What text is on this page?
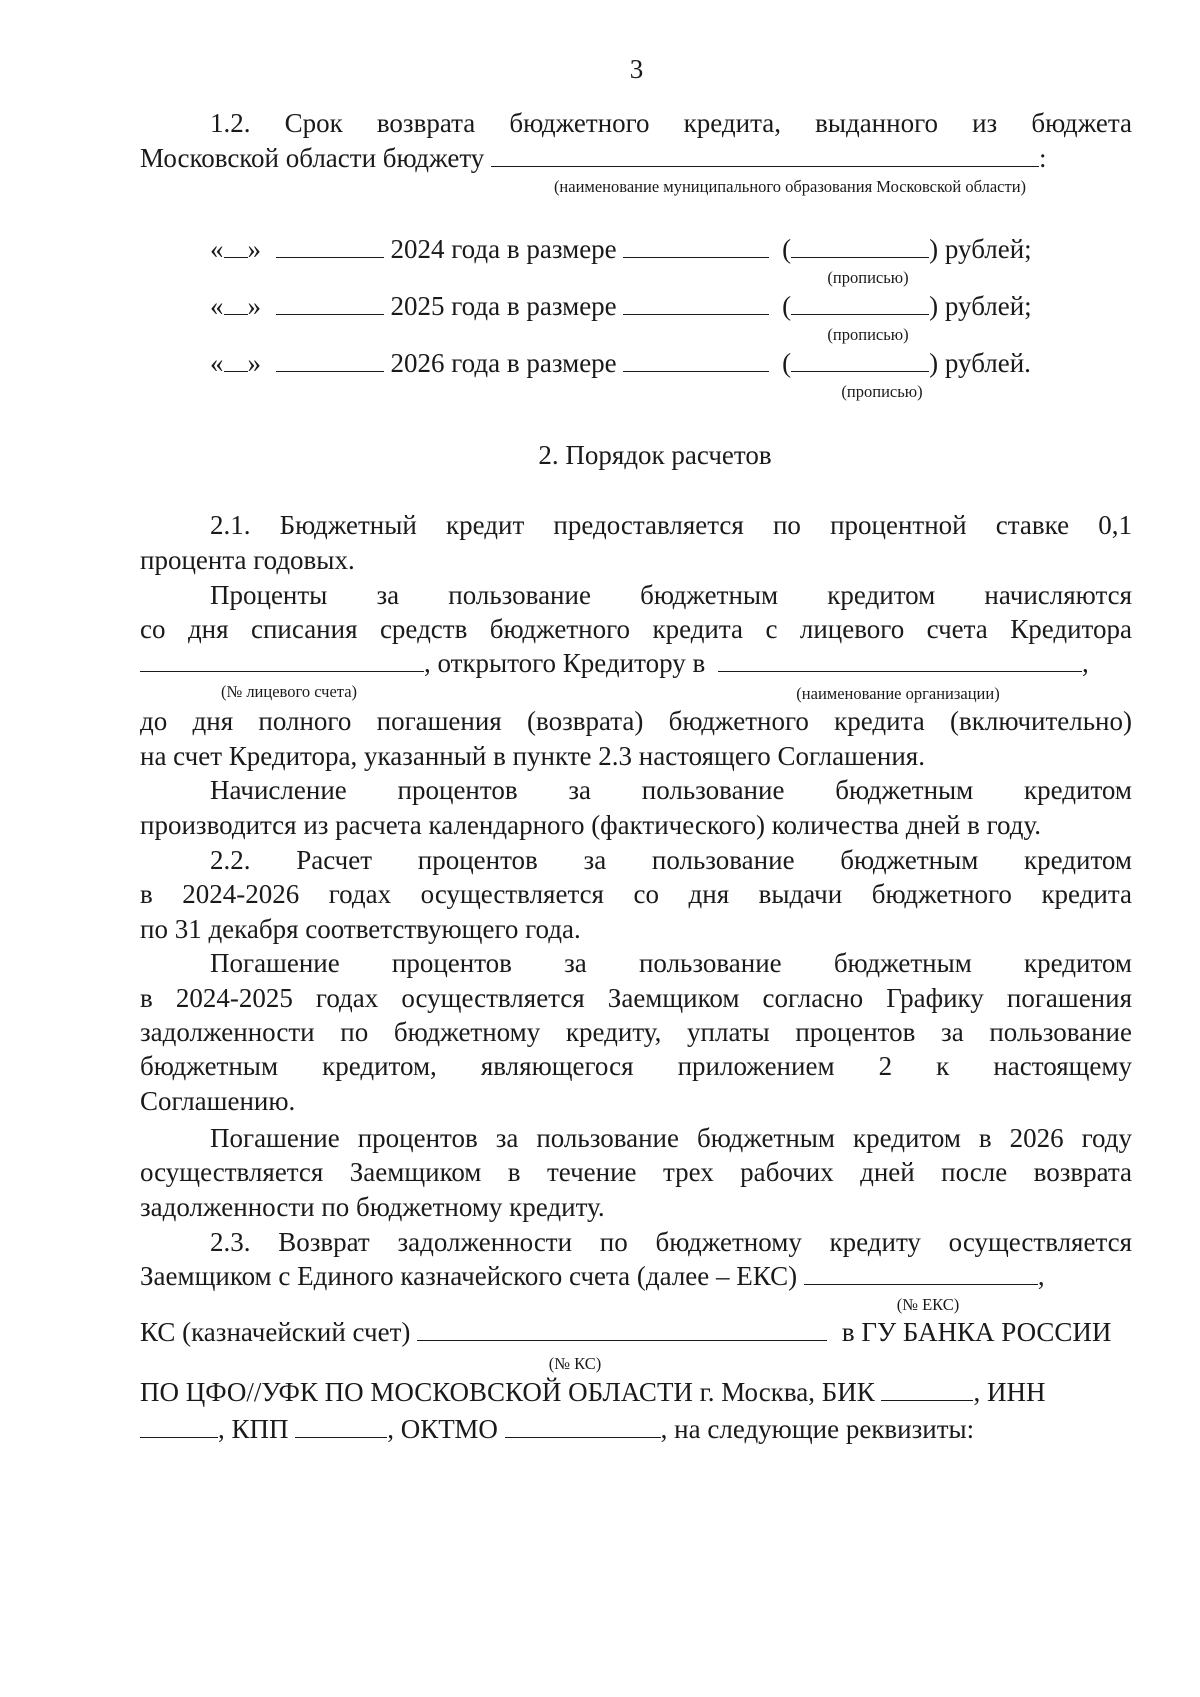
3
1.2. Срок возврата бюджетного кредита, выданного из бюджета
Московской области бюджету	:
(наименование муниципального образования Московской области)
« »	2024 года в размере	(	) рублей;
(прописью)
« »	2025 года в размере	(	) рублей;
(прописью)
« »	2026 года в размере	(	) рублей.
(прописью)
2. Порядок расчетов
2.1. Бюджетный кредит предоставляется по процентной ставке 0,1
процента годовых.
Проценты за пользование бюджетным кредитом начисляются
со дня списания средств бюджетного кредита с лицевого счета Кредитора
, открытого Кредитору в	,
(№ лицевого счета)	(наименование организации)
до дня полного погашения (возврата) бюджетного кредита (включительно)
на счет Кредитора, указанный в пункте 2.3 настоящего Соглашения.
Начисление процентов за пользование бюджетным кредитом
производится из расчета календарного (фактического) количества дней в году.
2.2. Расчет процентов за пользование бюджетным кредитом
в 2024-2026 годах осуществляется со дня выдачи бюджетного кредита
по 31 декабря соответствующего года.
Погашение процентов за пользование бюджетным кредитом
в 2024-2025 годах осуществляется Заемщиком согласно Графику погашения
задолженности по бюджетному кредиту, уплаты процентов за пользование
бюджетным кредитом, являющегося приложением 2 к настоящему
Соглашению.
Погашение процентов за пользование бюджетным кредитом в 2026 году
осуществляется Заемщиком в течение трех рабочих дней после возврата
задолженности по бюджетному кредиту.
2.3. Возврат задолженности по бюджетному кредиту осуществляется
Заемщиком с Единого казначейского счета (далее – ЕКС)	,
(№ ЕКС)
КС (казначейский счет)	в ГУ БАНКА РОССИИ
(№ КС)
ПО ЦФО//УФК ПО МОСКОВСКОЙ ОБЛАСТИ г. Москва, БИК	, ИНН
, КПП	, ОКТМО	, на следующие реквизиты:
